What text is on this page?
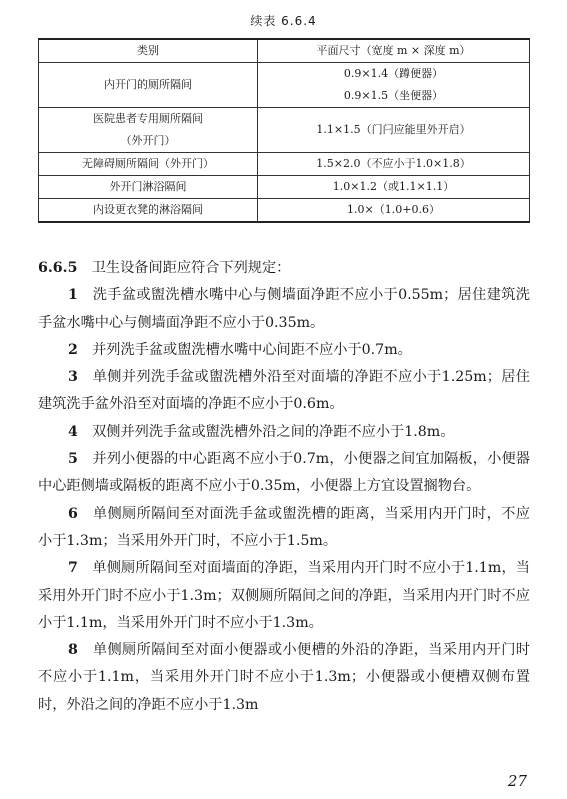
续表 6.6.4
类别	平面尺寸（宽度 m × 深度 m）
内开门的厕所隔间	0.9×1.4（蹲便器）
0.9×1.5（坐便器）

医院患者专用厕所隔间
（外开门）	1.1×1.5（门闩应能里外开启）
无障碍厕所隔间（外开门）	1.5×2.0（不应小于1.0×1.8）
外开门淋浴隔间	1.0×1.2（或1.1×1.1）
内设更衣凳的淋浴隔间	1.0×（1.0+0.6）

6.6.5　 卫生设备间距应符合下列规定：

1　 洗手盆或盥洗槽水嘴中心与侧墙面净距不应小于0.55m；居住建筑洗手盆水嘴中心与侧墙面净距不应小于0.35m。

2　 并列洗手盆或盥洗槽水嘴中心间距不应小于0.7m。

3　 单侧并列洗手盆或盥洗槽外沿至对面墙的净距不应小于1.25m；居住建筑洗手盆外沿至对面墙的净距不应小于0.6m。

4　 双侧并列洗手盆或盥洗槽外沿之间的净距不应小于1.8m。

5　 并列小便器的中心距离不应小于0.7m，小便器之间宜加隔板，小便器中心距侧墙或隔板的距离不应小于0.35m，小便器上方宜设置搁物台。

6　 单侧厕所隔间至对面洗手盆或盥洗槽的距离，当采用内开门时，不应小于1.3m；当采用外开门时，不应小于1.5m。

7　 单侧厕所隔间至对面墙面的净距，当采用内开门时不应小于1.1m，当采用外开门时不应小于1.3m；双侧厕所隔间之间的净距，当采用内开门时不应小于1.1m，当采用外开门时不应小于1.3m。

8　 单侧厕所隔间至对面小便器或小便槽的外沿的净距，当采用内开门时不应小于1.1m，当采用外开门时不应小于1.3m；小便器或小便槽双侧布置时，外沿之间的净距不应小于1.3m

27
